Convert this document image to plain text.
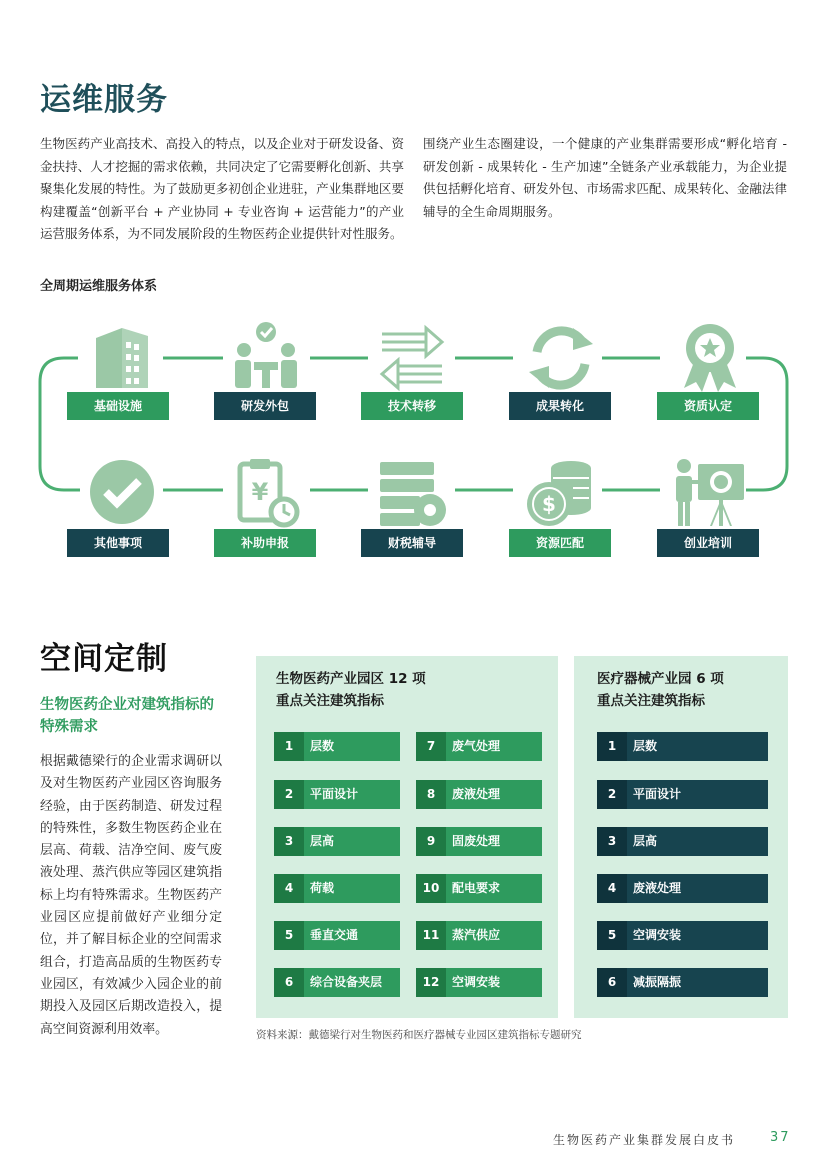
运维服务
生物医药产业高技术、高投入的特点，以及企业对于研发设备、资金扶持、人才挖掘的需求依赖，共同决定了它需要孵化创新、共享聚集化发展的特性。为了鼓励更多初创企业进驻，产业集群地区要构建覆盖“创新平台 + 产业协同 + 专业咨询 + 运营能力”的产业运营服务体系，为不同发展阶段的生物医药企业提供针对性服务。
围绕产业生态圈建设，一个健康的产业集群需要形成“孵化培育 - 研发创新 - 成果转化 - 生产加速”全链条产业承载能力，为企业提供包括孵化培育、研发外包、市场需求匹配、成果转化、金融法律辅导的全生命周期服务。
全周期运维服务体系
基础设施	研发外包	技术转移	成果转化	资质认定
¥	$
其他事项	补助申报	财税辅导	资源匹配	创业培训
空间定制
生物医药企业对建筑指标的
特殊需求
根据戴德梁行的企业需求调研以及对生物医药产业园区咨询服务经验，由于医药制造、研发过程的特殊性，多数生物医药企业在层高、荷载、洁净空间、废气废液处理、蒸汽供应等园区建筑指标上均有特殊需求。生物医药产业园区应提前做好产业细分定位，并了解目标企业的空间需求组合，打造高品质的生物医药专业园区，有效减少入园企业的前期投入及园区后期改造投入，提高空间资源利用效率。
生物医药产业园区 12 项
重点关注建筑指标
1	层数
2	平面设计
3	层高
4	荷载
5	垂直交通
6	综合设备夹层
7	废气处理
8	废液处理
9	固废处理
10	配电要求
11	蒸汽供应
12	空调安装
医疗器械产业园 6 项
重点关注建筑指标
1	层数
2	平面设计
3	层高
4	废液处理
5	空调安装
6	减振隔振
资料来源：戴德梁行对生物医药和医疗器械专业园区建筑指标专题研究
生物医药产业集群发展白皮书	37
